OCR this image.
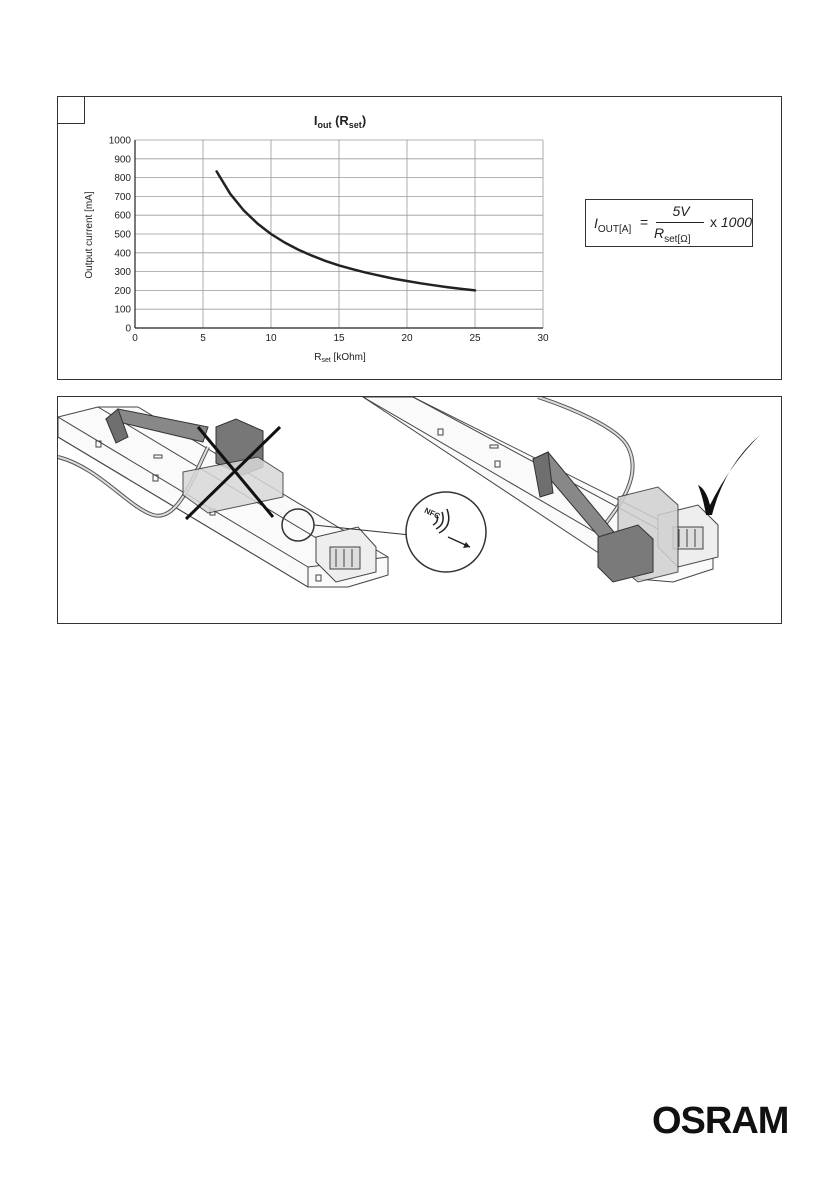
$I_{out}$ $(R_{set})$
0	5	10	15	20	25	30
0
100
200
300
400
500
600
700
800
900
1000
$R_{set}$ [kOhm]
Output current [mA]	$I_{OUT[A]}$ =
5V
$R_{set[\Omega]}$
x 1000
NFC
OSRAM
